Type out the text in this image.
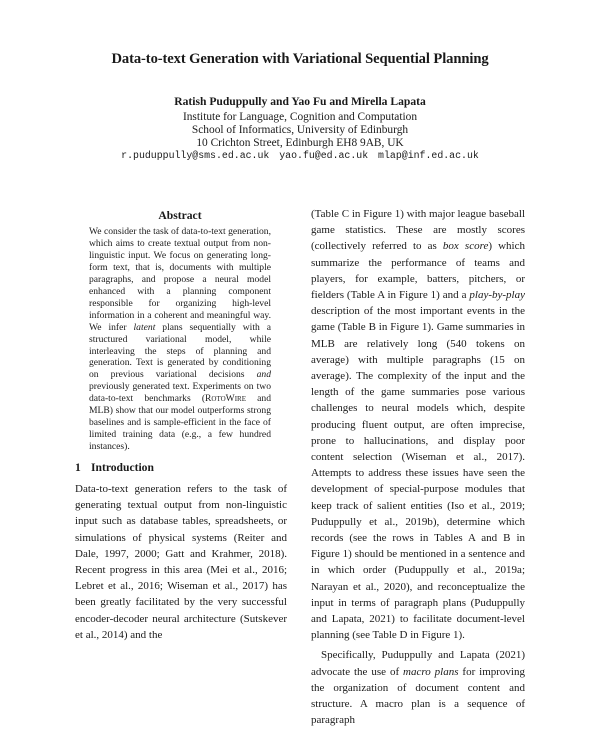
Data-to-text Generation with Variational Sequential Planning
Ratish Puduppully and Yao Fu and Mirella Lapata
Institute for Language, Cognition and Computation
School of Informatics, University of Edinburgh
10 Crichton Street, Edinburgh EH8 9AB, UK
r.puduppully@sms.ed.ac.uk yao.fu@ed.ac.uk mlap@inf.ed.ac.uk
Abstract

We consider the task of data-to-text generation, which aims to create textual output from non-linguistic input. We focus on generating long-form text, that is, documents with multiple paragraphs, and propose a neural model enhanced with a planning component responsible for organizing high-level information in a coherent and meaningful way. We infer latent plans sequentially with a structured variational model, while interleaving the steps of planning and generation. Text is generated by conditioning on previous variational decisions and previously generated text. Experiments on two data-to-text benchmarks (RotoWire and MLB) show that our model outperforms strong baselines and is sample-efficient in the face of limited training data (e.g., a few hundred instances).

1 Introduction

Data-to-text generation refers to the task of generating textual output from non-linguistic input such as database tables, spreadsheets, or simulations of physical systems (Reiter and Dale, 1997, 2000; Gatt and Krahmer, 2018). Recent progress in this area (Mei et al., 2016; Lebret et al., 2016; Wiseman et al., 2017) has been greatly facilitated by the very successful encoder-decoder neural architecture (Sutskever et al., 2014) and the

(Table C in Figure 1) with major league baseball game statistics. These are mostly scores (collectively referred to as box score) which summarize the performance of teams and players, for example, batters, pitchers, or fielders (Table A in Figure 1) and a play-by-play description of the most important events in the game (Table B in Figure 1). Game summaries in MLB are relatively long (540 tokens on average) with multiple paragraphs (15 on average). The complexity of the input and the length of the game summaries pose various challenges to neural models which, despite producing fluent output, are often imprecise, prone to hallucinations, and display poor content selection (Wiseman et al., 2017). Attempts to address these issues have seen the development of special-purpose modules that keep track of salient entities (Iso et al., 2019; Puduppully et al., 2019b), determine which records (see the rows in Tables A and B in Figure 1) should be mentioned in a sentence and in which order (Puduppully et al., 2019a; Narayan et al., 2020), and reconceptualize the input in terms of paragraph plans (Puduppully and Lapata, 2021) to facilitate document-level planning (see Table D in Figure 1).

Specifically, Puduppully and Lapata (2021) advocate the use of macro plans for improving the organization of document content and structure. A macro plan is a sequence of paragraph
